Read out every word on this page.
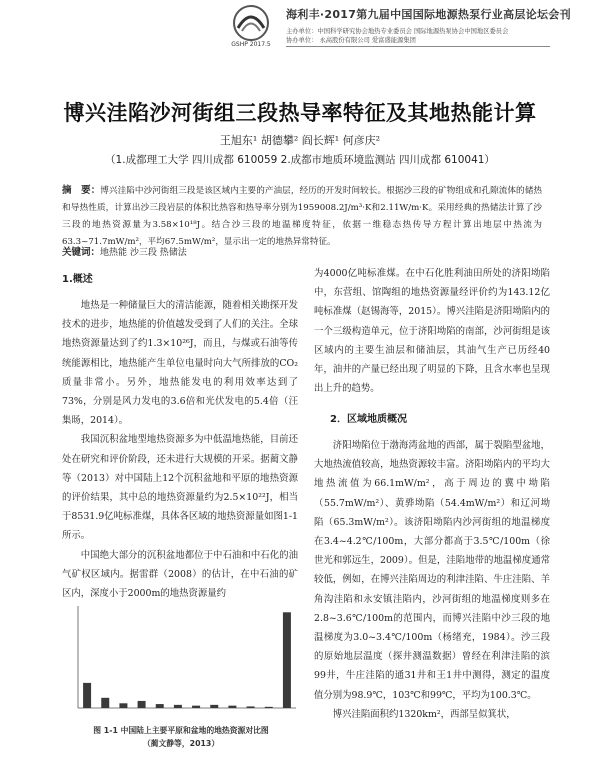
GSHP 2017.5
海利丰·2017第九届中国国际地源热泵行业高层论坛会刊
主办单位：中国科学研究协会地热专业委员会 国际地源热泵协会中国地区委员会
协办单位： 永高股份有限公司 爱富盛能源集团
博兴洼陷沙河街组三段热导率特征及其地热能计算
王旭东¹ 胡德攀² 阎长辉¹ 何彦庆²
（1.成都理工大学 四川成都 610059 2.成都市地质环境监测站 四川成都 610041）
摘　要：博兴洼陷中沙河街组三段是该区域内主要的产油层，经历的开发时间较长。根据沙三段的矿物组成和孔隙流体的储热和导热性质，计算出沙三段岩层的体积比热容和热导率分别为1959008.2J/m³·K和2.11W/m·K。采用经典的热储法计算了沙三段的地热资源量为3.58×10¹⁸J。结合沙三段的地温梯度特征，依据一维稳态热传导方程计算出地层中热流为63.3~71.7mW/m²，平均67.5mW/m²，显示出一定的地热异常特征。
关键词：地热能 沙三段 热储法
1.概述

地热是一种储量巨大的清洁能源，随着相关勘探开发技术的进步，地热能的价值越发受到了人们的关注。全球地热资源量达到了约1.3×10²⁶J，而且，与煤或石油等传统能源相比，地热能产生单位电量时向大气所排放的CO₂质量非常小。另外，地热能发电的利用效率达到了73%，分别是风力发电的3.6倍和光伏发电的5.4倍（汪集旸，2014）。

我国沉积盆地型地热资源多为中低温地热能，目前还处在研究和评价阶段，还未进行大规模的开采。据蔺文静等（2013）对中国陆上12个沉积盆地和平原的地热资源的评价结果，其中总的地热资源量约为2.5×10²²J，相当于8531.9亿吨标准煤，具体各区域的地热资源量如图1-1所示。

中国绝大部分的沉积盆地都位于中石油和中石化的油气矿权区域内。据雷群（2008）的估计，在中石油的矿区内，深度小于2000m的地热资源量约

图 1-1 中国陆上主要平原和盆地的地热资源对比图
（蔺文静等，2013）

为4000亿吨标准煤。在中石化胜利油田所处的济阳坳陷中，东营组、馆陶组的地热资源量经评价约为143.12亿吨标准煤（赵锡海等，2015）。博兴洼陷是济阳坳陷内的一个三级构造单元，位于济阳坳陷的南部，沙河街组是该区域内的主要生油层和储油层，其油气生产已历经40年，油井的产量已经出现了明显的下降，且含水率也呈现出上升的趋势。

2．区域地质概况

济阳坳陷位于渤海湾盆地的西部，属于裂陷型盆地，大地热流值较高，地热资源较丰富。济阳坳陷内的平均大地热流值为66.1mW/m²，高于周边的冀中坳陷（55.7mW/m²）、黄骅坳陷（54.4mW/m²）和辽河坳陷（65.3mW/m²）。该济阳坳陷内沙河街组的地温梯度在3.4~4.2℃/100m，大部分都高于3.5℃/100m（徐世光和郭远生，2009）。但是，洼陷地带的地温梯度通常较低，例如，在博兴洼陷周边的利津洼陷、牛庄洼陷、羊角沟洼陷和永安镇洼陷内，沙河街组的地温梯度则多在2.8~3.6℃/100m的范围内，而博兴洼陷中沙三段的地温梯度为3.0~3.4℃/100m（杨绪充，1984）。沙三段的原始地层温度（探井测温数据）曾经在利津洼陷的滨99井，牛庄洼陷的通31井和王1井中测得，测定的温度值分别为98.9℃，103℃和99℃，平均为100.3℃。

博兴洼陷面积约1320km²，西部呈似箕状，
